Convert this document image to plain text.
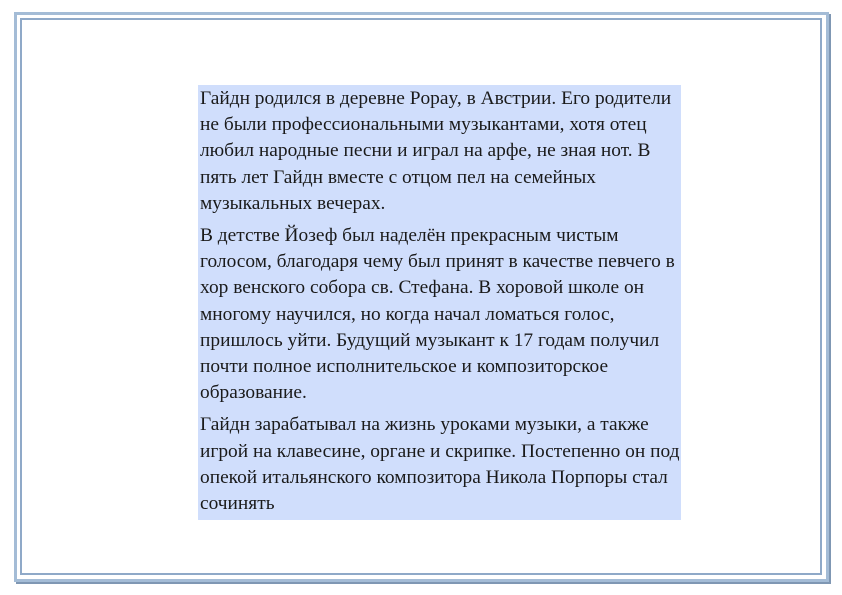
Гайдн родился в деревне Popay, в Австрии. Его родители не были профессиональными музыкантами, хотя отец любил народные песни и играл на арфе, не зная нот. В пять лет Гайдн вместе с отцом пел на семейных музыкальных вечерах.

В детстве Йозеф был наделён прекрасным чистым голосом, благодаря чему был принят в качестве певчего в хор венского собора св. Стефана. В хоровой школе он многому научился, но когда начал ломаться голос, пришлось уйти. Будущий музыкант к 17 годам получил почти полное исполнительское и композиторское образование.

Гайдн зарабатывал на жизнь уроками музыки, а также игрой на клавесине, органе и скрипке. Постепенно он под опекой итальянского композитора Никола Порпоры стал сочинять
